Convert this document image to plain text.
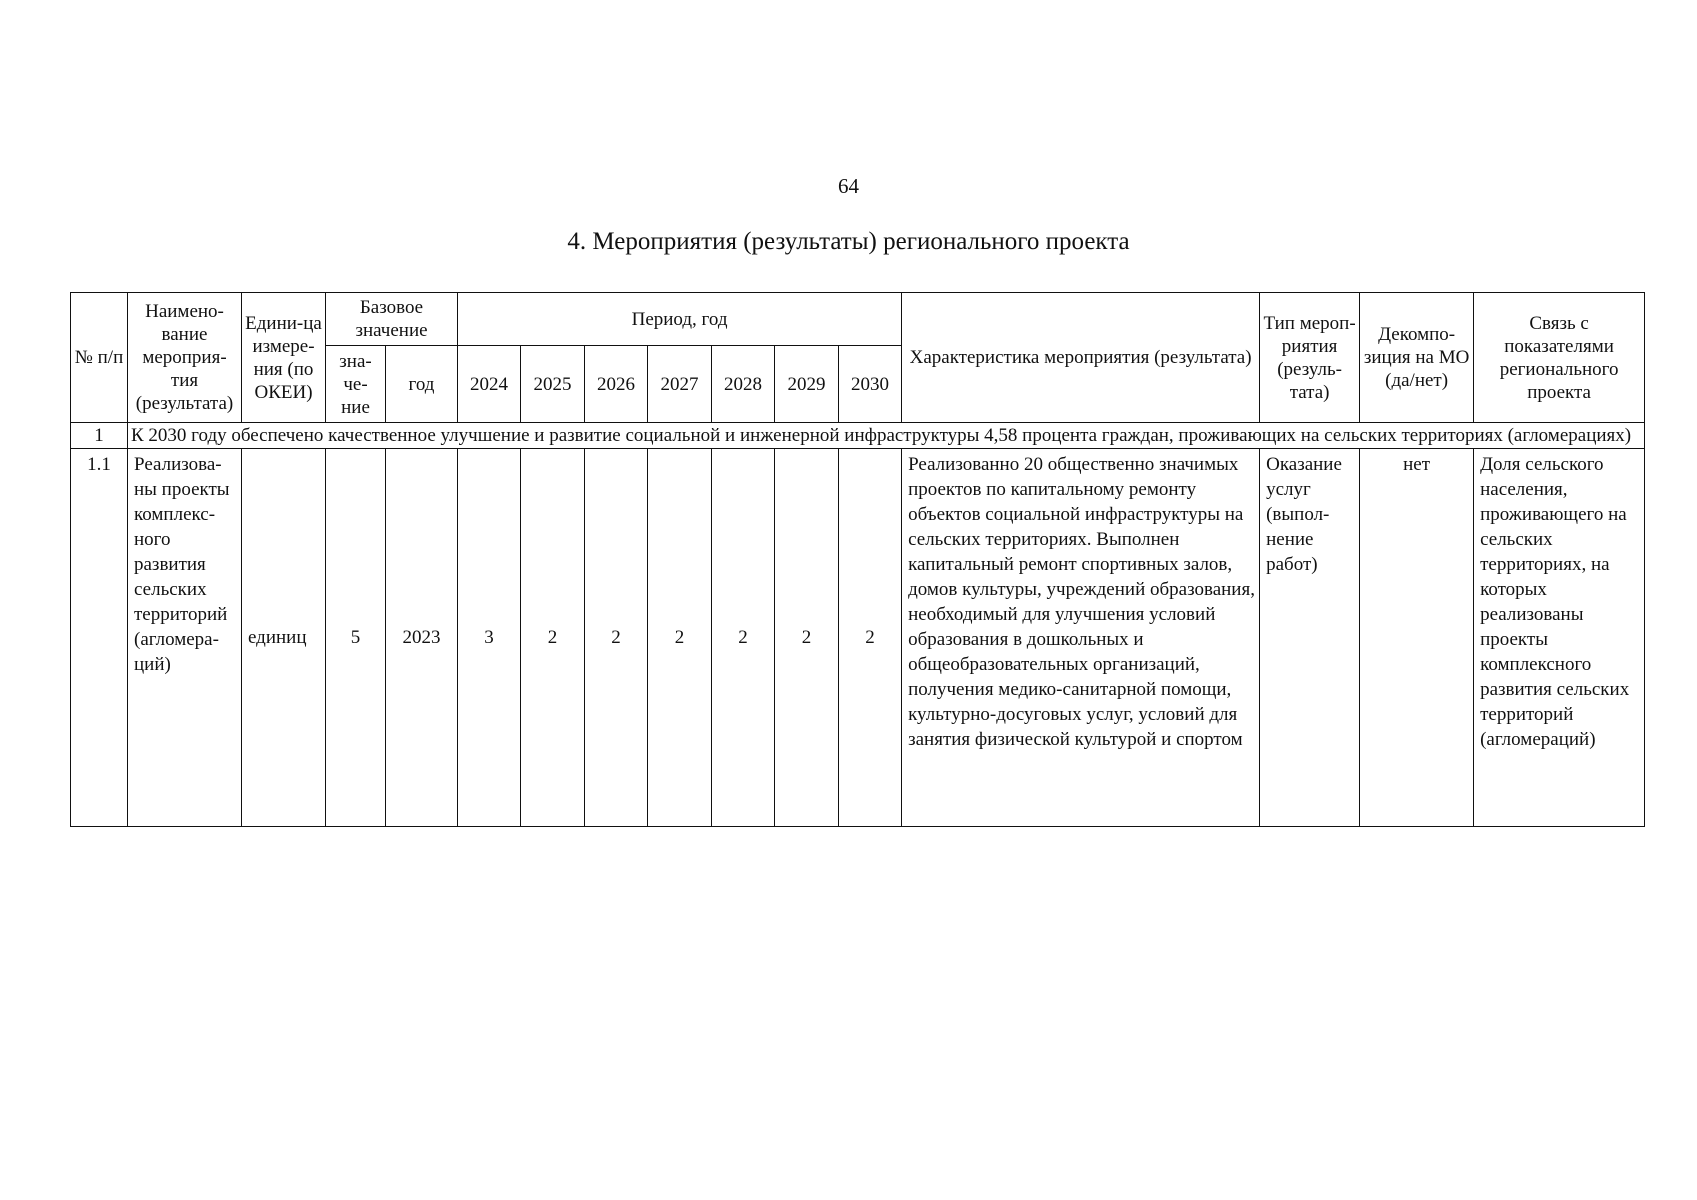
64
4. Мероприятия (результаты) регионального проекта
№ п/п	Наимено-вание мероприя-тия (результата)	Едини-ца измере-ния (по ОКЕИ)	Базовое значение		Период, год							Характеристика мероприятия (результата)	Тип мероп-риятия (резуль-тата)	Декомпо-зиция на МО (да/нет)	Связь с показателями регионального проекта
			зна-че-ние	год	2024	2025	2026	2027	2028	2029	2030				
1	К 2030 году обеспечено качественное улучшение и развитие социальной и инженерной инфраструктуры 4,58 процента граждан, проживающих на сельских территориях (агломерациях)														
1.1	Реализова-ны проекты комплекс-ного развития сельских территорий (агломера-ций)	единиц	5	2023	3	2	2	2	2	2	2	Реализованно 20 общественно значимых проектов по капитальному ремонту объектов социальной инфраструктуры на сельских территориях. Выполнен капитальный ремонт спортивных залов, домов культуры, учреждений образования, необходимый для улучшения условий образования в дошкольных и общеобразовательных организаций, получения медико-санитарной помощи, культурно-досуговых услуг, условий для занятия физической культурой и спортом	Оказание услуг (выпол-нение работ)	нет	Доля сельского населения, проживающего на сельских территориях, на которых реализованы проекты комплексного развития сельских территорий (агломераций)
